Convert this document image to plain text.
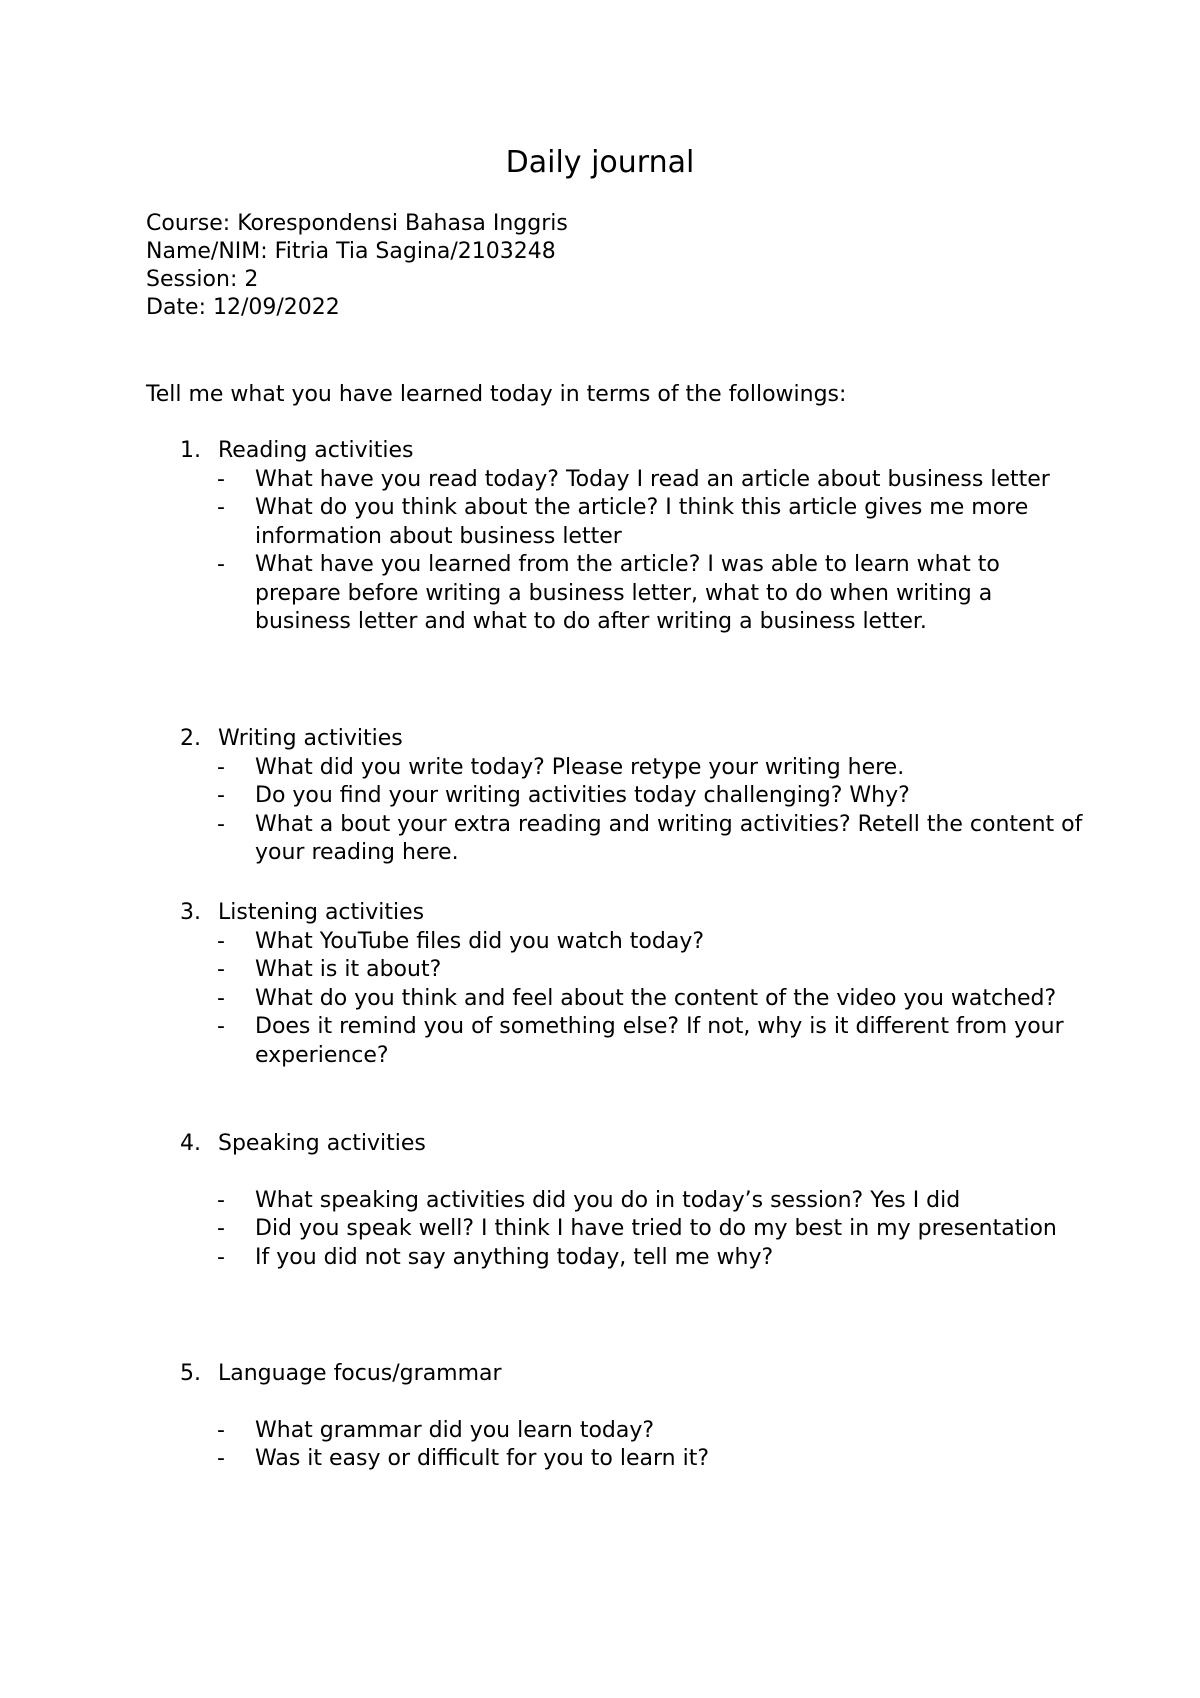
Daily journal
Course: Korespondensi Bahasa Inggris
Name/NIM: Fitria Tia Sagina/2103248
Session: 2
Date: 12/09/2022
Tell me what you have learned today in terms of the followings:
1. Reading activities
- What have you read today? Today I read an article about business letter
- What do you think about the article? I think this article gives me more information about business letter
- What have you learned from the article? I was able to learn what to prepare before writing a business letter, what to do when writing a business letter and what to do after writing a business letter.
2. Writing activities
- What did you write today? Please retype your writing here.
- Do you find your writing activities today challenging? Why?
- What a bout your extra reading and writing activities? Retell the content of your reading here.
3. Listening activities
- What YouTube files did you watch today?
- What is it about?
- What do you think and feel about the content of the video you watched?
- Does it remind you of something else? If not, why is it different from your experience?
4. Speaking activities
- What speaking activities did you do in today’s session? Yes I did
- Did you speak well? I think I have tried to do my best in my presentation
- If you did not say anything today, tell me why?
5. Language focus/grammar
- What grammar did you learn today?
- Was it easy or difficult for you to learn it?
